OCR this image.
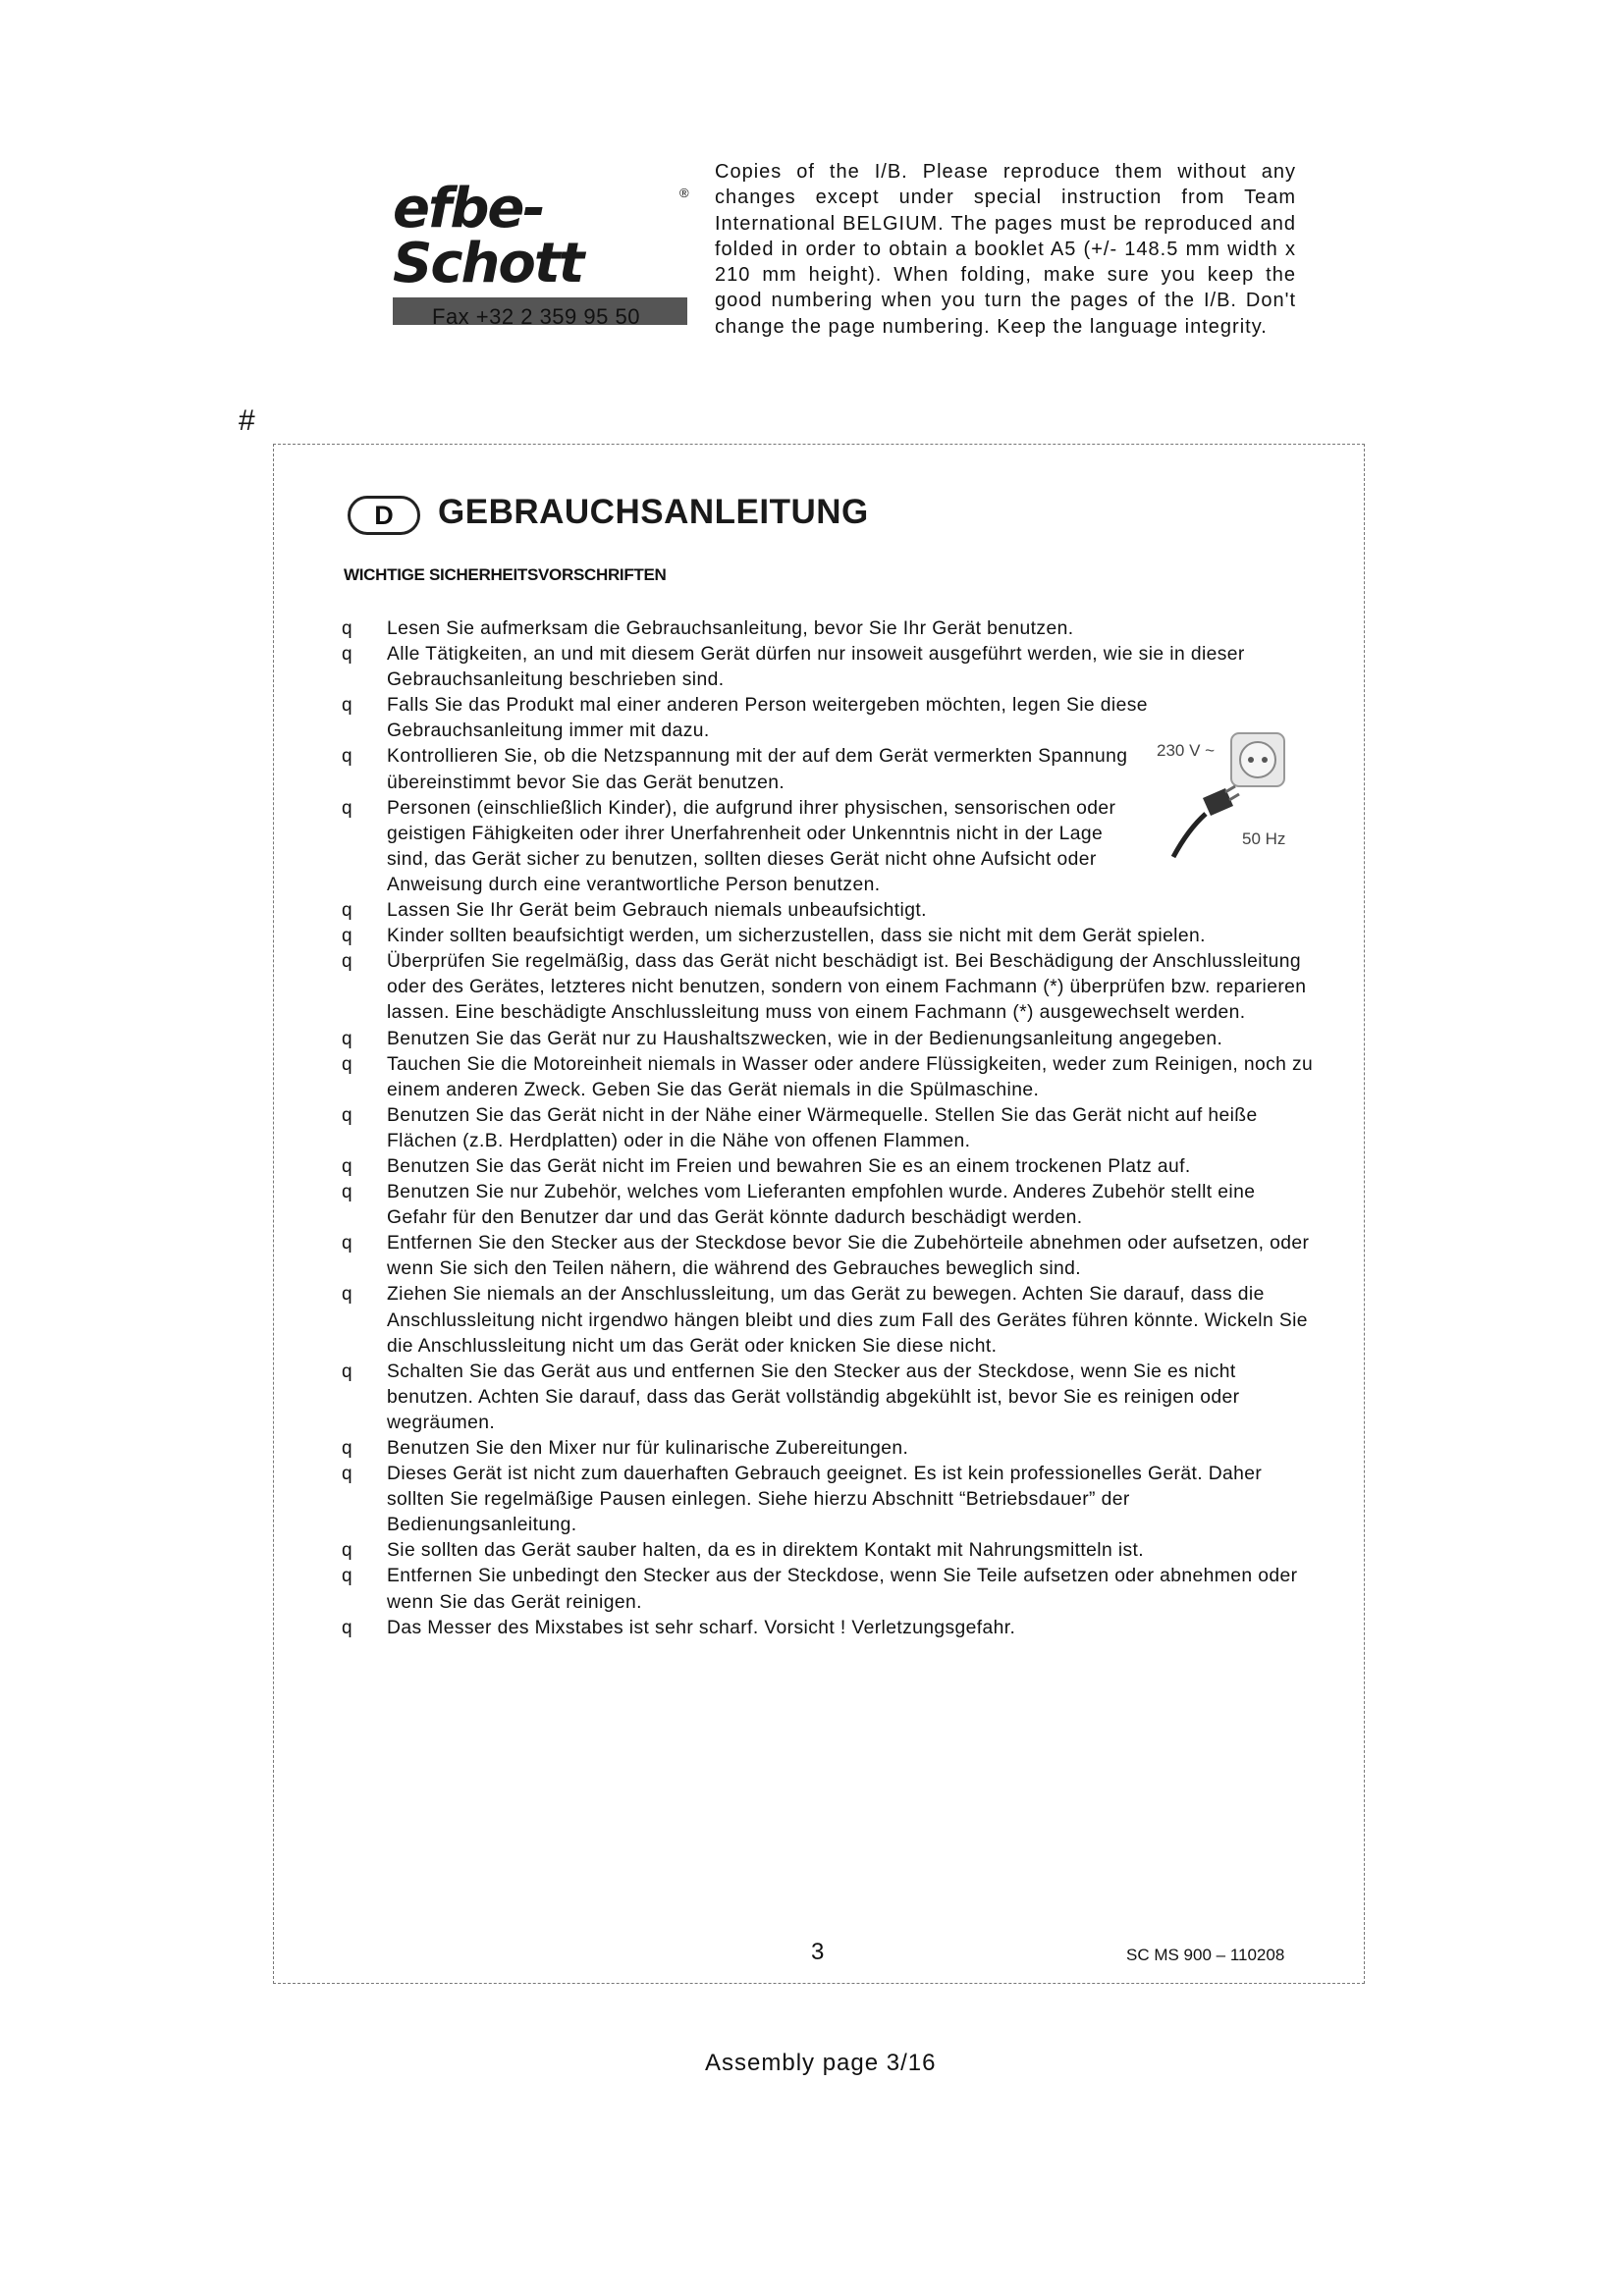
efbe-Schott
®
Fax +32 2 359 95 50
Copies of the I/B. Please reproduce them without any changes except under special instruction from Team International BELGIUM. The pages must be reproduced and folded in order to obtain a booklet A5 (+/- 148.5 mm width x 210 mm height). When folding, make sure you keep the good numbering when you turn the pages of the I/B. Don't change the page numbering. Keep the language integrity.
#
D	GEBRAUCHSANLEITUNG
WICHTIGE SICHERHEITSVORSCHRIFTEN
q Lesen Sie aufmerksam die Gebrauchsanleitung, bevor Sie Ihr Gerät benutzen.
q Alle Tätigkeiten, an und mit diesem Gerät dürfen nur insoweit ausgeführt werden, wie sie in dieser Gebrauchsanleitung beschrieben sind.
q Falls Sie das Produkt mal einer anderen Person weitergeben möchten, legen Sie diese Gebrauchsanleitung immer mit dazu.
q Kontrollieren Sie, ob die Netzspannung mit der auf dem Gerät vermerkten Spannung übereinstimmt bevor Sie das Gerät benutzen.
q Personen (einschließlich Kinder), die aufgrund ihrer physischen, sensorischen oder geistigen Fähigkeiten oder ihrer Unerfahrenheit oder Unkenntnis nicht in der Lage sind, das Gerät sicher zu benutzen, sollten dieses Gerät nicht ohne Aufsicht oder Anweisung durch eine verantwortliche Person benutzen.
q Lassen Sie Ihr Gerät beim Gebrauch niemals unbeaufsichtigt.
q Kinder sollten beaufsichtigt werden, um sicherzustellen, dass sie nicht mit dem Gerät spielen.
q Überprüfen Sie regelmäßig, dass das Gerät nicht beschädigt ist. Bei Beschädigung der Anschlussleitung oder des Gerätes, letzteres nicht benutzen, sondern von einem Fachmann (*) überprüfen bzw. reparieren lassen. Eine beschädigte Anschlussleitung muss von einem Fachmann (*) ausgewechselt werden.
q Benutzen Sie das Gerät nur zu Haushaltszwecken, wie in der Bedienungsanleitung angegeben.
q Tauchen Sie die Motoreinheit niemals in Wasser oder andere Flüssigkeiten, weder zum Reinigen, noch zu einem anderen Zweck. Geben Sie das Gerät niemals in die Spülmaschine.
q Benutzen Sie das Gerät nicht in der Nähe einer Wärmequelle. Stellen Sie das Gerät nicht auf heiße Flächen (z.B. Herdplatten) oder in die Nähe von offenen Flammen.
q Benutzen Sie das Gerät nicht im Freien und bewahren Sie es an einem trockenen Platz auf.
q Benutzen Sie nur Zubehör, welches vom Lieferanten empfohlen wurde. Anderes Zubehör stellt eine Gefahr für den Benutzer dar und das Gerät könnte dadurch beschädigt werden.
q Entfernen Sie den Stecker aus der Steckdose bevor Sie die Zubehörteile abnehmen oder aufsetzen, oder wenn Sie sich den Teilen nähern, die während des Gebrauches beweglich sind.
q Ziehen Sie niemals an der Anschlussleitung, um das Gerät zu bewegen. Achten Sie darauf, dass die Anschlussleitung nicht irgendwo hängen bleibt und dies zum Fall des Gerätes führen könnte. Wickeln Sie die Anschlussleitung nicht um das Gerät oder knicken Sie diese nicht.
q Schalten Sie das Gerät aus und entfernen Sie den Stecker aus der Steckdose, wenn Sie es nicht benutzen. Achten Sie darauf, dass das Gerät vollständig abgekühlt ist, bevor Sie es reinigen oder wegräumen.
q Benutzen Sie den Mixer nur für kulinarische Zubereitungen.
q Dieses Gerät ist nicht zum dauerhaften Gebrauch geeignet. Es ist kein professionelles Gerät. Daher sollten Sie regelmäßige Pausen einlegen. Siehe hierzu Abschnitt “Betriebsdauer” der Bedienungsanleitung.
q Sie sollten das Gerät sauber halten, da es in direktem Kontakt mit Nahrungsmitteln ist.
q Entfernen Sie unbedingt den Stecker aus der Steckdose, wenn Sie Teile aufsetzen oder abnehmen oder wenn Sie das Gerät reinigen.
q Das Messer des Mixstabes ist sehr scharf. Vorsicht ! Verletzungsgefahr.
230 V ~
50 Hz
3	SC MS 900 – 110208
Assembly page 3/16
